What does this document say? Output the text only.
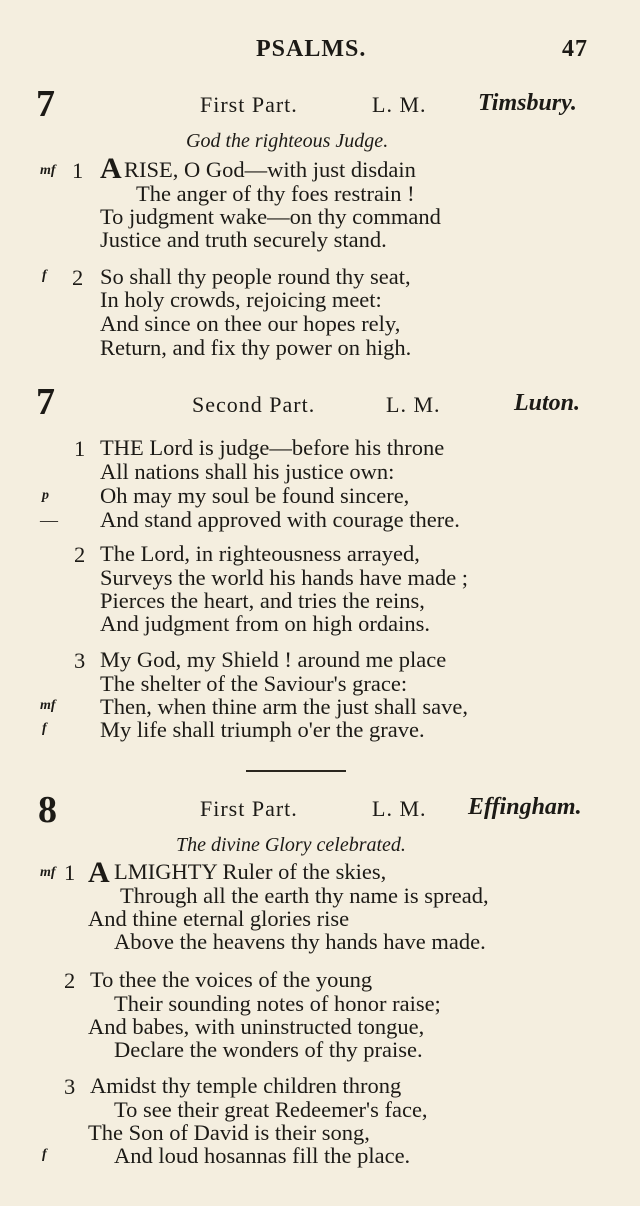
PSALMS.	47
7	First Part.	L. M. Timsbury.
God the righteous Judge.
mf 1 A RISE, O God—with just disdain
The anger of thy foes restrain !
To judgment wake—on thy command
Justice and truth securely stand.
f 2 So shall thy people round thy seat,
In holy crowds, rejoicing meet:
And since on thee our hopes rely,
Return, and fix thy power on high.
7	Second Part.	L. M.	Luton.
1 THE Lord is judge—before his throne
All nations shall his justice own:
p Oh may my soul be found sincere,
— And stand approved with courage there.
2 The Lord, in righteousness arrayed,
Surveys the world his hands have made ;
Pierces the heart, and tries the reins,
And judgment from on high ordains.
3 My God, my Shield ! around me place
The shelter of the Saviour's grace:
mf Then, when thine arm the just shall save,
f My life shall triumph o'er the grave.
8	First Part.	L. M. Effingham.
The divine Glory celebrated.
mf 1 A LMIGHTY Ruler of the skies,
Through all the earth thy name is spread,
And thine eternal glories rise
Above the heavens thy hands have made.
2 To thee the voices of the young
Their sounding notes of honor raise;
And babes, with uninstructed tongue,
Declare the wonders of thy praise.
3 Amidst thy temple children throng
To see their great Redeemer's face,
The Son of David is their song,
f	And loud hosannas fill the place.
